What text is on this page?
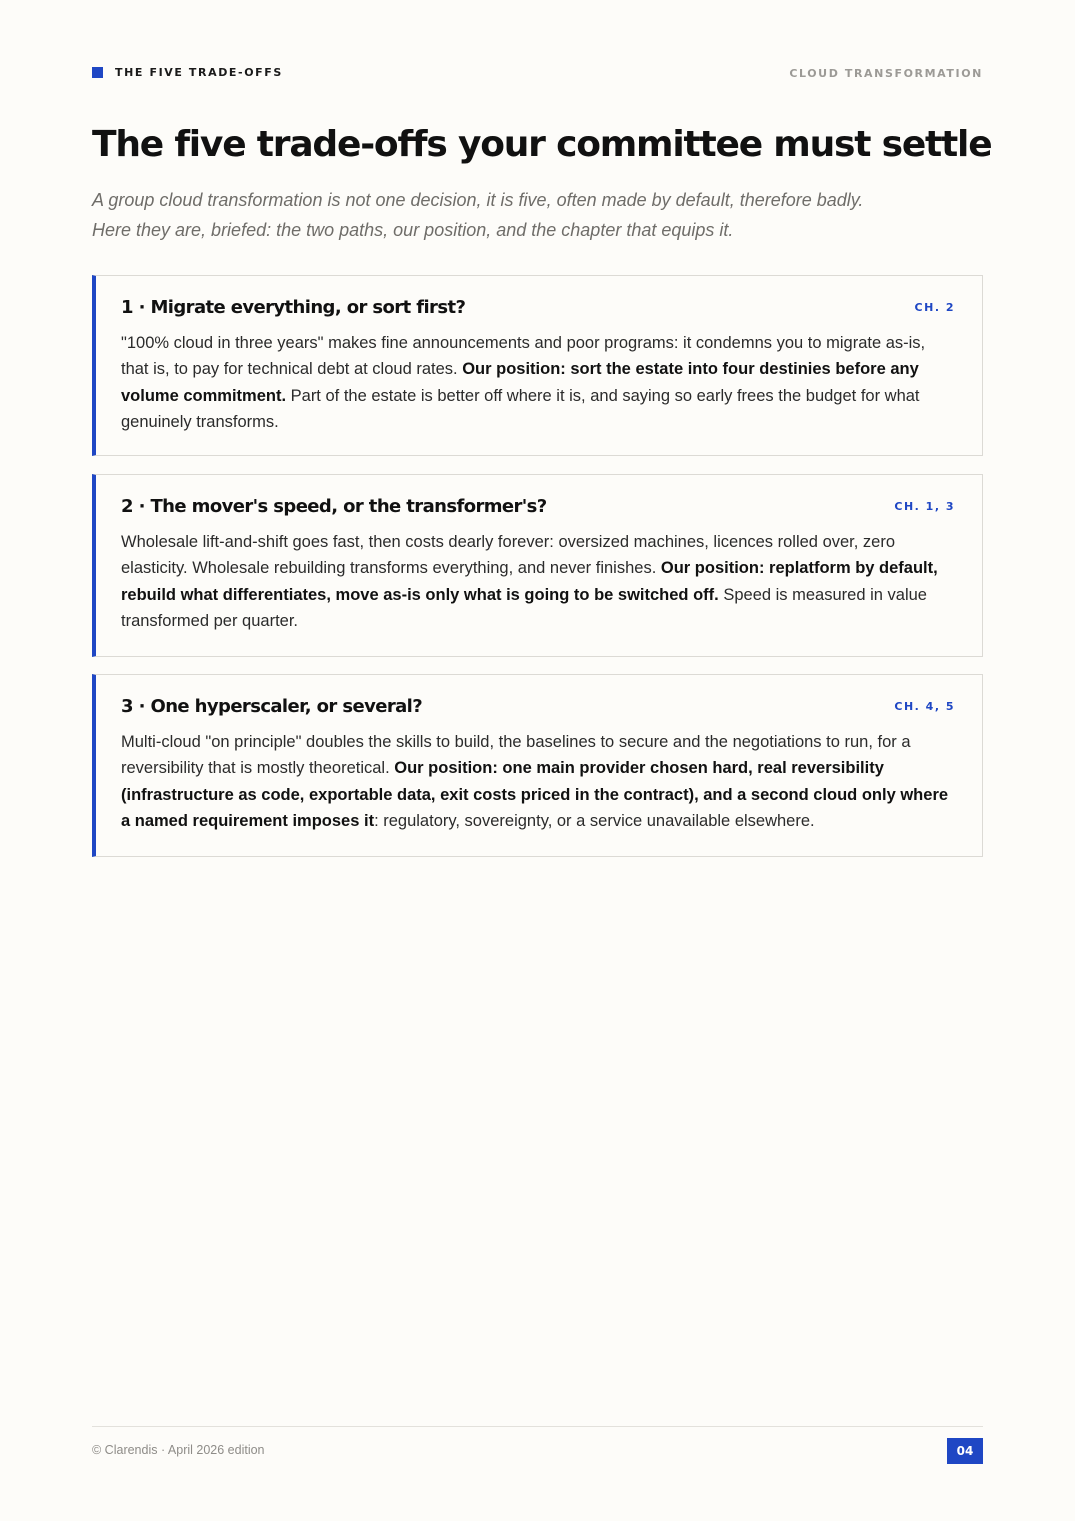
THE FIVE TRADE-OFFS	CLOUD TRANSFORMATION
The five trade-offs your committee must settle

A group cloud transformation is not one decision, it is five, often made by default, therefore badly.
Here they are, briefed: the two paths, our position, and the chapter that equips it.

1 · Migrate everything, or sort first?	CH. 2

"100% cloud in three years" makes fine announcements and poor programs: it condemns you to migrate as-is, that is, to pay for technical debt at cloud rates. Our position: sort the estate into four destinies before any volume commitment. Part of the estate is better off where it is, and saying so early frees the budget for what genuinely transforms.

2 · The mover's speed, or the transformer's?	CH. 1, 3

Wholesale lift-and-shift goes fast, then costs dearly forever: oversized machines, licences rolled over, zero elasticity. Wholesale rebuilding transforms everything, and never finishes. Our position: replatform by default, rebuild what differentiates, move as-is only what is going to be switched off. Speed is measured in value transformed per quarter.

3 · One hyperscaler, or several?	CH. 4, 5

Multi-cloud "on principle" doubles the skills to build, the baselines to secure and the negotiations to run, for a reversibility that is mostly theoretical. Our position: one main provider chosen hard, real reversibility (infrastructure as code, exportable data, exit costs priced in the contract), and a second cloud only where a named requirement imposes it: regulatory, sovereignty, or a service unavailable elsewhere.

© Clarendis · April 2026 edition	04
